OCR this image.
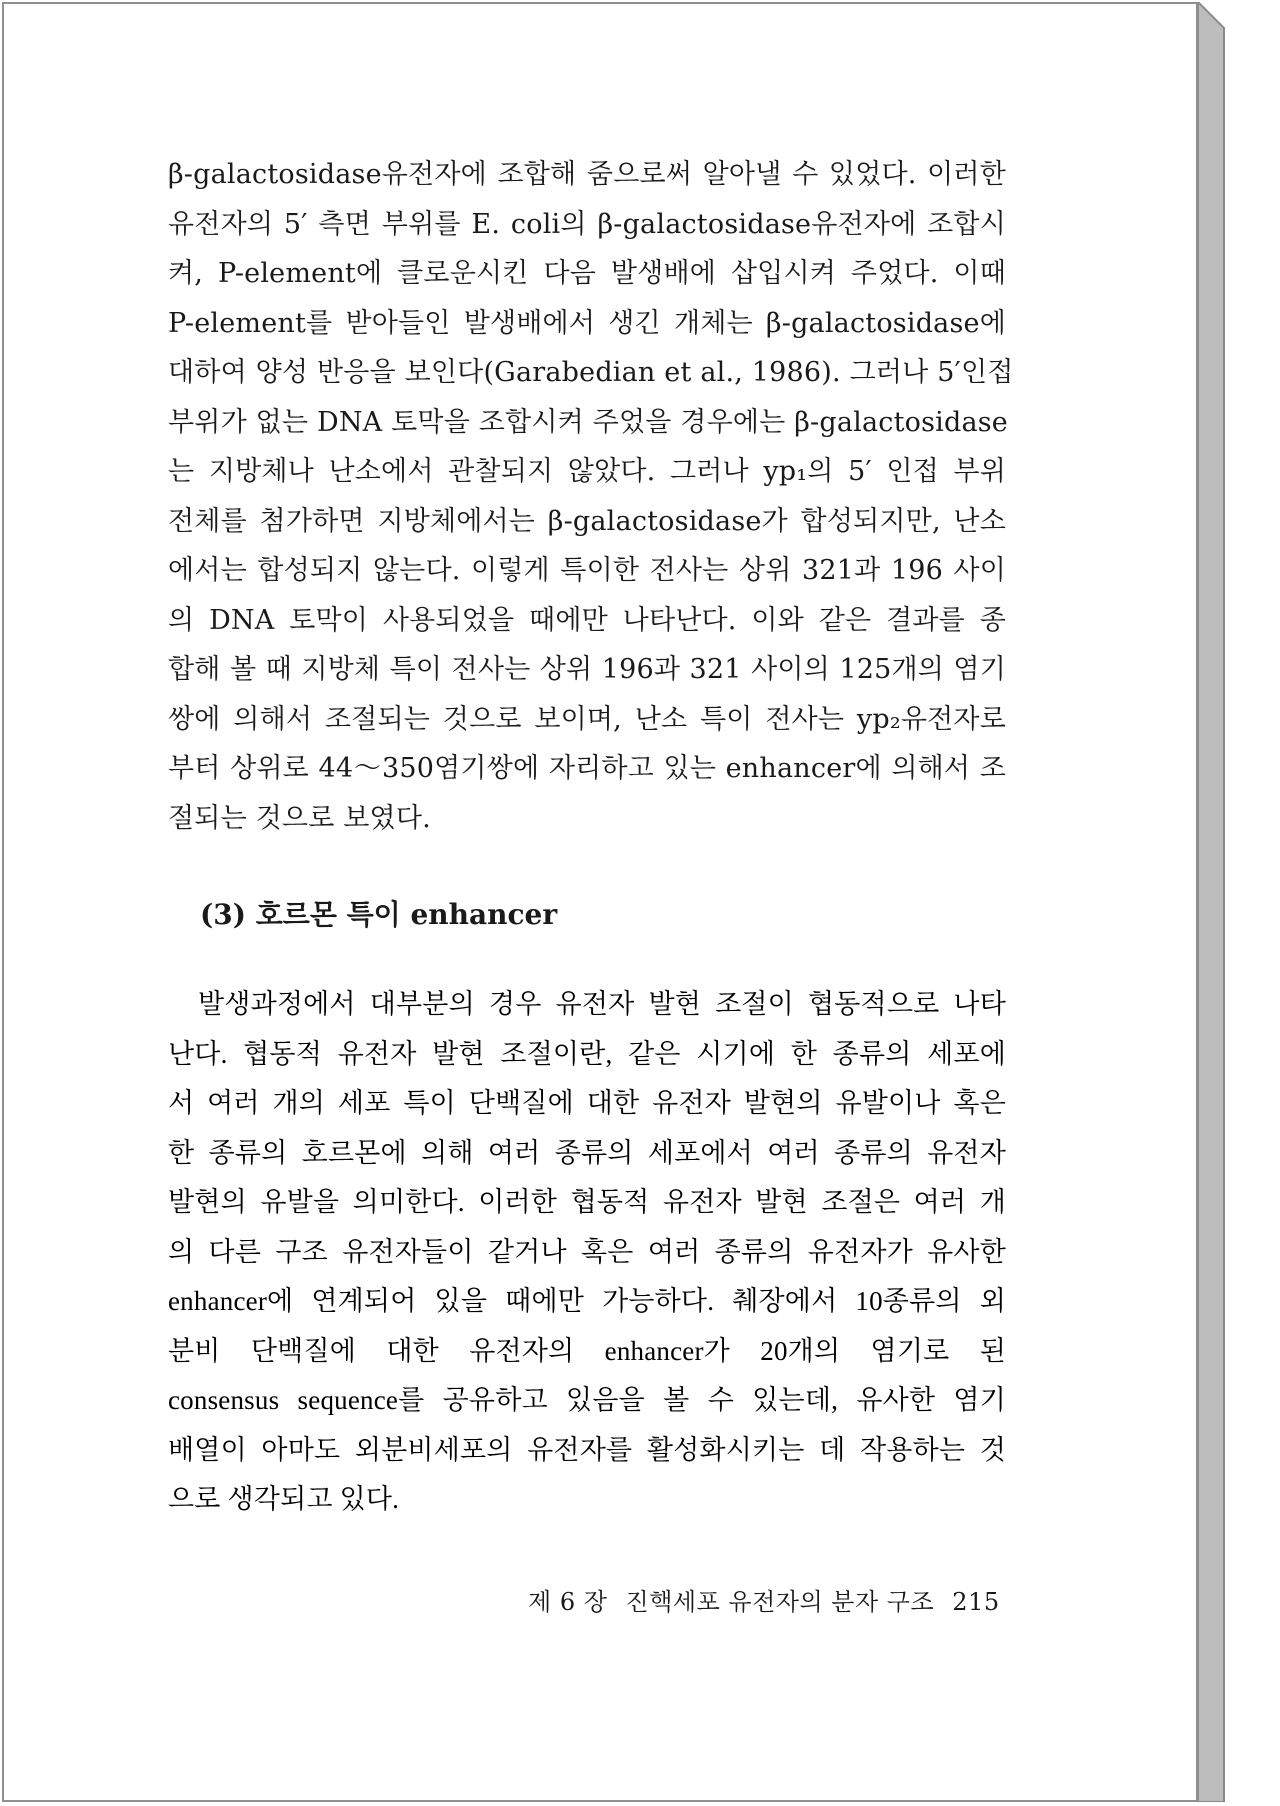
β-galactosidase유전자에 조합해 줌으로써 알아낼 수 있었다. 이러한
유전자의 5′ 측면 부위를 E. coli의 β-galactosidase유전자에 조합시
켜, P-element에 클로운시킨 다음 발생배에 삽입시켜 주었다. 이때
P-element를 받아들인 발생배에서 생긴 개체는 β-galactosidase에
대하여 양성 반응을 보인다(Garabedian et al., 1986). 그러나 5′인접
부위가 없는 DNA 토막을 조합시켜 주었을 경우에는 β-galactosidase
는 지방체나 난소에서 관찰되지 않았다. 그러나 yp₁의 5′ 인접 부위
전체를 첨가하면 지방체에서는 β-galactosidase가 합성되지만, 난소
에서는 합성되지 않는다. 이렇게 특이한 전사는 상위 321과 196 사이
의 DNA 토막이 사용되었을 때에만 나타난다. 이와 같은 결과를 종
합해 볼 때 지방체 특이 전사는 상위 196과 321 사이의 125개의 염기
쌍에 의해서 조절되는 것으로 보이며, 난소 특이 전사는 yp₂유전자로
부터 상위로 44～350염기쌍에 자리하고 있는 enhancer에 의해서 조
절되는 것으로 보였다.

(3) 호르몬 특이 enhancer

발생과정에서 대부분의 경우 유전자 발현 조절이 협동적으로 나타
난다. 협동적 유전자 발현 조절이란, 같은 시기에 한 종류의 세포에
서 여러 개의 세포 특이 단백질에 대한 유전자 발현의 유발이나 혹은
한 종류의 호르몬에 의해 여러 종류의 세포에서 여러 종류의 유전자
발현의 유발을 의미한다. 이러한 협동적 유전자 발현 조절은 여러 개
의 다른 구조 유전자들이 같거나 혹은 여러 종류의 유전자가 유사한
enhancer에 연계되어 있을 때에만 가능하다. 췌장에서 10종류의 외
분비 단백질에 대한 유전자의 enhancer가 20개의 염기로 된
consensus sequence를 공유하고 있음을 볼 수 있는데, 유사한 염기
배열이 아마도 외분비세포의 유전자를 활성화시키는 데 작용하는 것
으로 생각되고 있다.

제 6 장 진핵세포 유전자의 분자 구조 215
